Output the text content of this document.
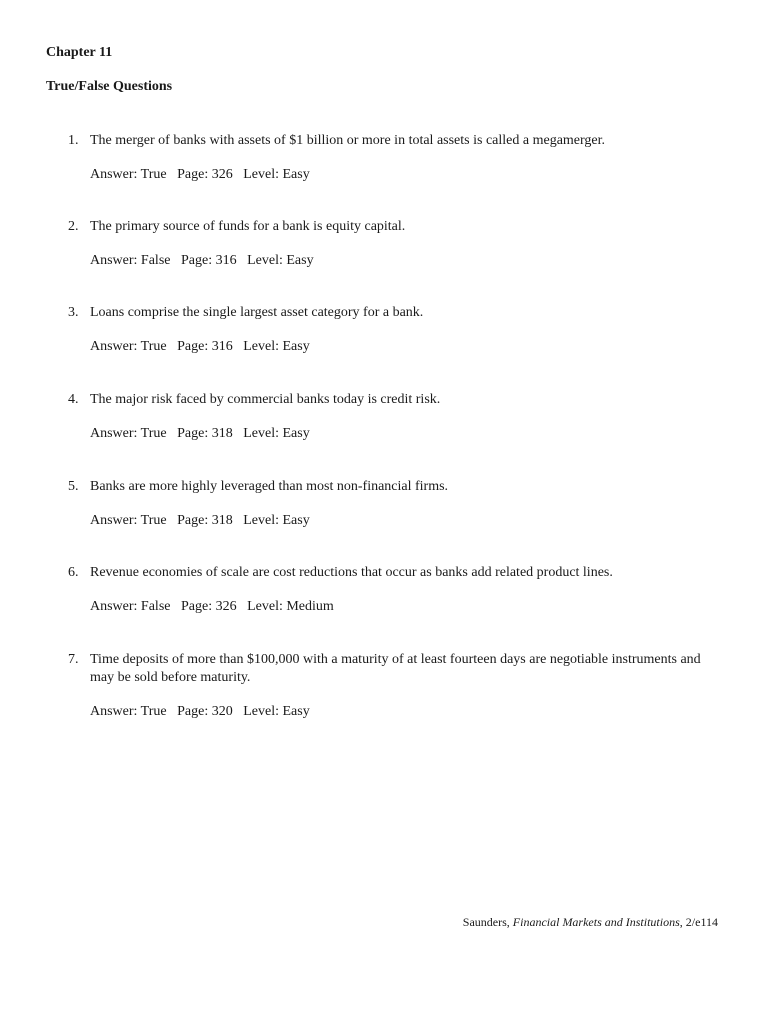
Chapter 11
True/False Questions
1. The merger of banks with assets of $1 billion or more in total assets is called a megamerger.
Answer: True   Page: 326   Level: Easy
2. The primary source of funds for a bank is equity capital.
Answer: False   Page: 316   Level: Easy
3. Loans comprise the single largest asset category for a bank.
Answer: True   Page: 316   Level: Easy
4. The major risk faced by commercial banks today is credit risk.
Answer: True   Page: 318   Level: Easy
5. Banks are more highly leveraged than most non-financial firms.
Answer: True   Page: 318   Level: Easy
6. Revenue economies of scale are cost reductions that occur as banks add related product lines.
Answer: False   Page: 326   Level: Medium
7. Time deposits of more than $100,000 with a maturity of at least fourteen days are negotiable instruments and may be sold before maturity.
Answer: True   Page: 320   Level: Easy
Saunders, Financial Markets and Institutions, 2/e114
